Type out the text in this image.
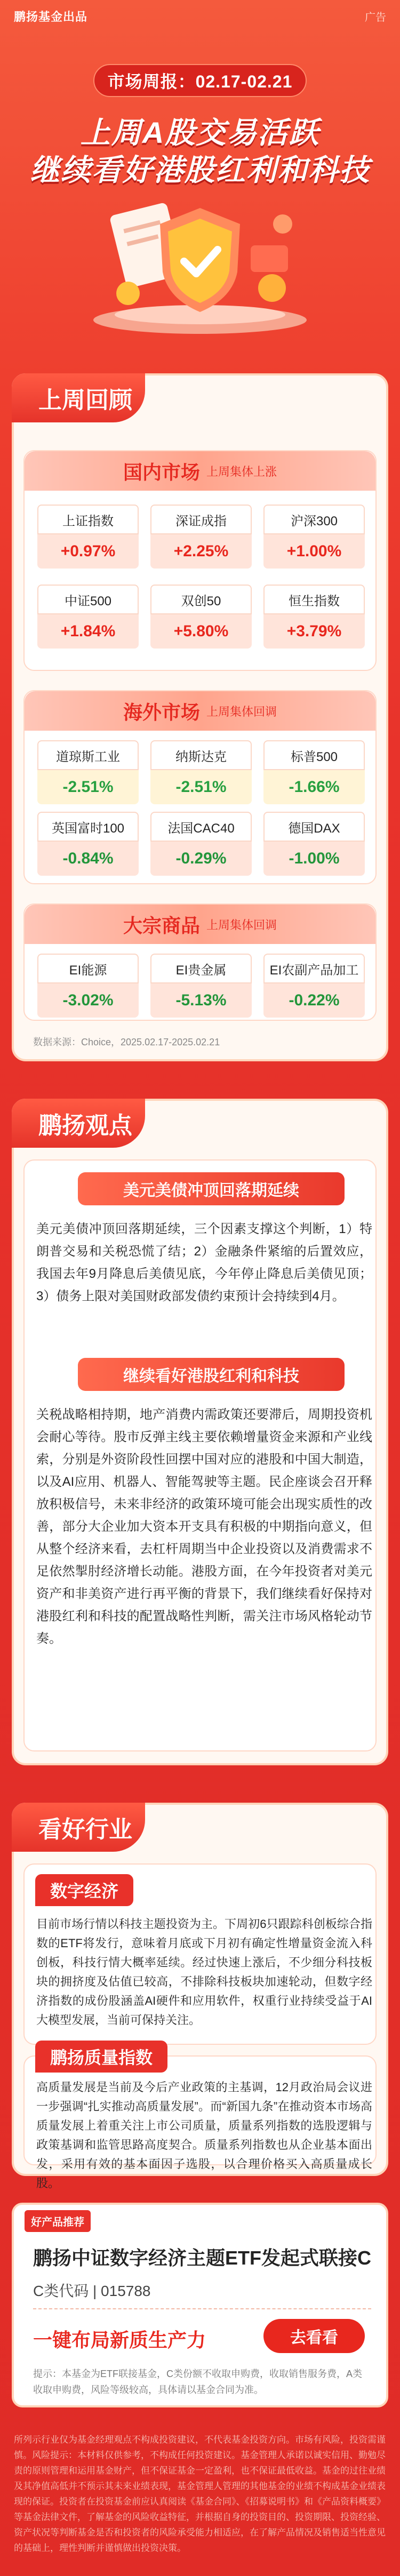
鹏扬基金出品	广告
市场周报：02.17-02.21
上周A股交易活跃
继续看好港股红利和科技
上周回顾
国内市场 上周集体上涨
上证指数
+0.97%
深证成指
+2.25%
沪深300
+1.00%
中证500
+1.84%
双创50
+5.80%
恒生指数
+3.79%
海外市场 上周集体回调
道琼斯工业
-2.51%
纳斯达克
-2.51%
标普500
-1.66%
英国富时100
-0.84%
法国CAC40
-0.29%
德国DAX
-1.00%
大宗商品 上周集体回调
EI能源
-3.02%
EI贵金属
-5.13%
EI农副产品加工
-0.22%
数据来源：Choice，2025.02.17-2025.02.21
鹏扬观点
美元美债冲顶回落期延续
美元美债冲顶回落期延续，三个因素支撑这个判断，1）特朗普交易和关税恐慌了结；2）金融条件紧缩的后置效应，我国去年9月降息后美债见底，今年停止降息后美债见顶；3）债务上限对美国财政部发债约束预计会持续到4月。
继续看好港股红利和科技
关税战略相持期，地产消费内需政策还要滞后，周期投资机会耐心等待。股市反弹主线主要依赖增量资金来源和产业线索，分别是外资阶段性回摆中国对应的港股和中国大制造，以及AI应用、机器人、智能驾驶等主题。民企座谈会召开释放积极信号，未来非经济的政策环境可能会出现实质性的改善，部分大企业加大资本开支具有积极的中期指向意义，但从整个经济来看，去杠杆周期当中企业投资以及消费需求不足依然掣肘经济增长动能。港股方面，在今年投资者对美元资产和非美资产进行再平衡的背景下，我们继续看好保持对港股红利和科技的配置战略性判断，需关注市场风格轮动节奏。
看好行业
数字经济
目前市场行情以科技主题投资为主。下周初6只跟踪科创板综合指数的ETF将发行，意味着月底或下月初有确定性增量资金流入科创板，科技行情大概率延续。经过快速上涨后，不少细分科技板块的拥挤度及估值已较高，不排除科技板块加速轮动，但数字经济指数的成份股涵盖AI硬件和应用软件，权重行业持续受益于AI大模型发展，当前可保持关注。
鹏扬质量指数
高质量发展是当前及今后产业政策的主基调，12月政治局会议进一步强调“扎实推动高质量发展”。而“新国九条”在推动资本市场高质量发展上着重关注上市公司质量，质量系列指数的选股逻辑与政策基调和监管思路高度契合。质量系列指数也从企业基本面出发，采用有效的基本面因子选股，以合理价格买入高质量成长股。
好产品推荐
鹏扬中证数字经济主题ETF发起式联接C
C类代码 | 015788
一键布局新质生产力	去看看
提示：本基金为ETF联接基金，C类份额不收取申购费，收取销售服务费，A类收取申购费，风险等级较高，具体请以基金合同为准。
所列示行业仅为基金经理观点不构成投资建议，不代表基金投资方向。市场有风险，投资需谨慎。风险提示：本材料仅供参考，不构成任何投资建议。基金管理人承诺以诚实信用、勤勉尽责的原则管理和运用基金财产，但不保证基金一定盈利，也不保证最低收益。基金的过往业绩及其净值高低并不预示其未来业绩表现，基金管理人管理的其他基金的业绩不构成基金业绩表现的保证。投资者在投资基金前应认真阅读《基金合同》、《招募说明书》和《产品资料概要》等基金法律文件，了解基金的风险收益特征，并根据自身的投资目的、投资期限、投资经验、资产状况等判断基金是否和投资者的风险承受能力相适应，在了解产品情况及销售适当性意见的基础上，理性判断并谨慎做出投资决策。
